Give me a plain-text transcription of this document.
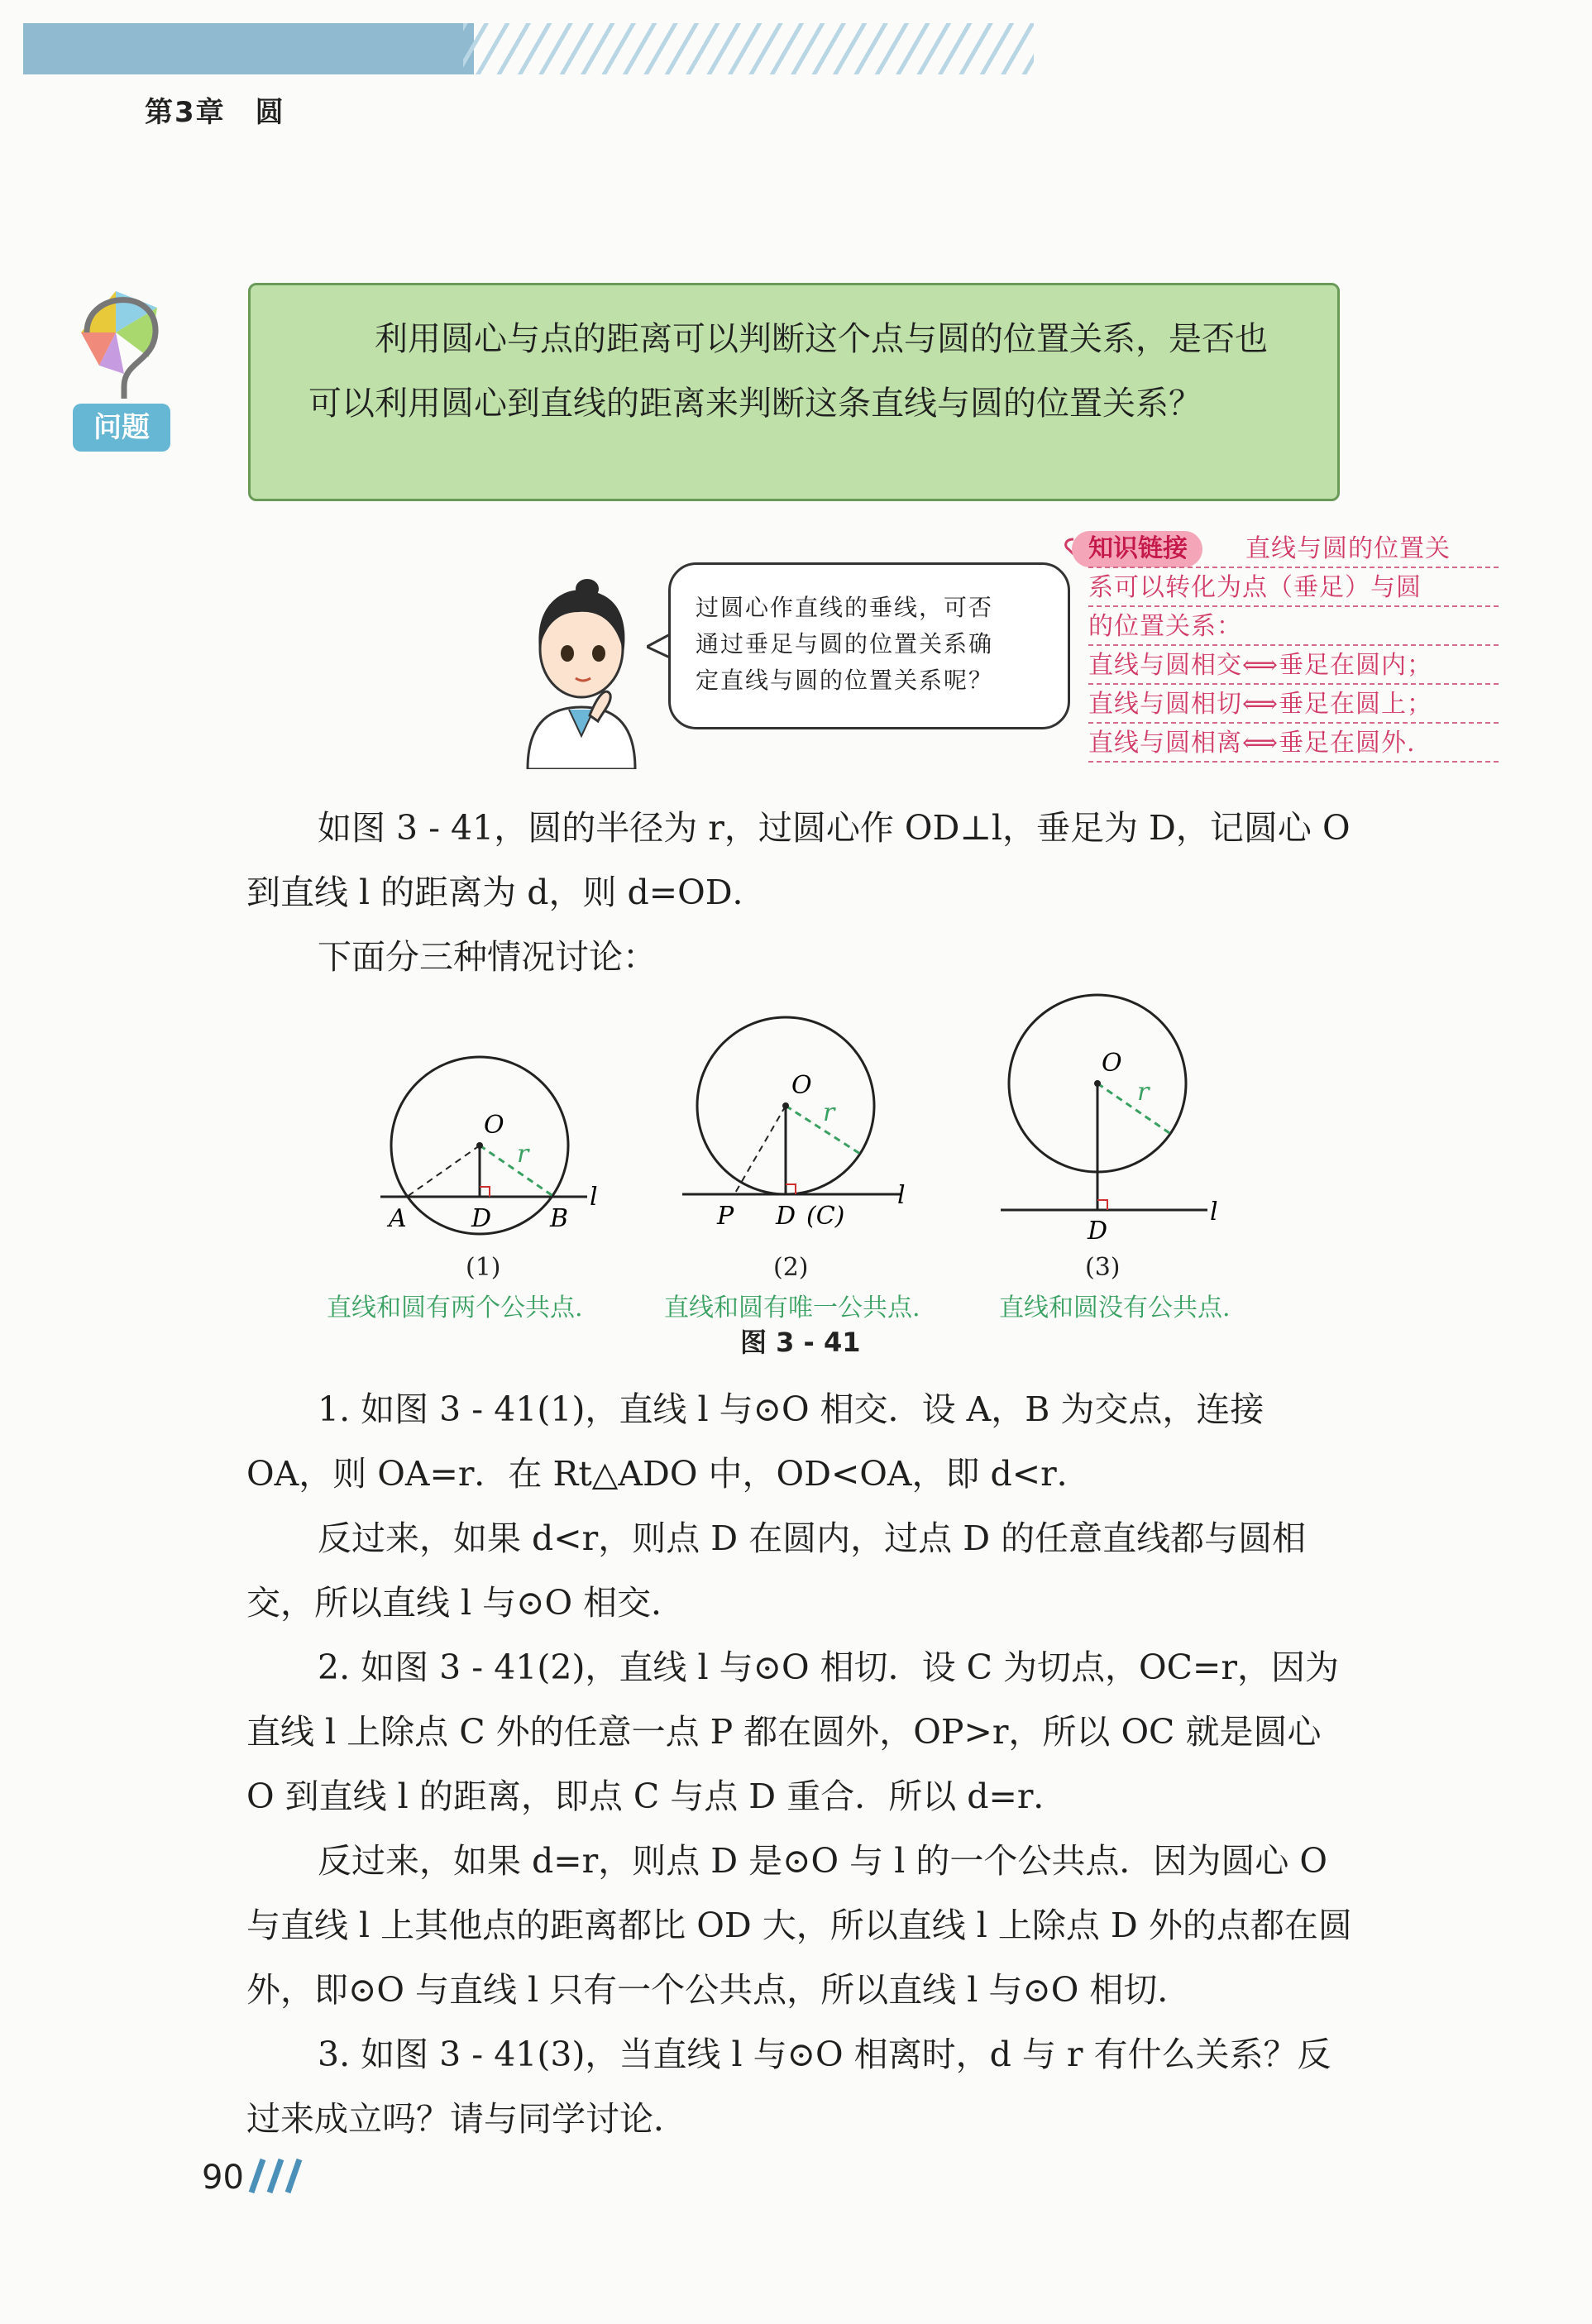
第3章　圆
问题

利用圆心与点的距离可以判断这个点与圆的位置关系，是否也可以利用圆心到直线的距离来判断这条直线与圆的位置关系？

过圆心作直线的垂线，可否
通过垂足与圆的位置关系确
定直线与圆的位置关系呢？
知识链接	直线与圆的位置关
系可以转化为点（垂足）与圆
的位置关系：
直线与圆相交⟺垂足在圆内；
直线与圆相切⟺垂足在圆上；
直线与圆相离⟺垂足在圆外.

如图 3 - 41，圆的半径为 r，过圆心作 OD⊥l，垂足为 D，记圆心 O 到直线 l 的距离为 d，则 d=OD．

下面分三种情况讨论：

O
r
A	D B
l
O
r
P D (C)
l
O
r
D
l
(1)	(2)	(3)
直线和圆有两个公共点.	直线和圆有唯一公共点.	直线和圆没有公共点.
图 3 - 41

1. 如图 3 - 41(1)，直线 l 与⊙O 相交．设 A，B 为交点，连接 OA，则 OA=r．在 Rt△ADO 中，OD<OA，即 d<r．

反过来，如果 d<r，则点 D 在圆内，过点 D 的任意直线都与圆相交，所以直线 l 与⊙O 相交．

2. 如图 3 - 41(2)，直线 l 与⊙O 相切．设 C 为切点，OC=r，因为直线 l 上除点 C 外的任意一点 P 都在圆外，OP>r，所以 OC 就是圆心 O 到直线 l 的距离，即点 C 与点 D 重合．所以 d=r．

反过来，如果 d=r，则点 D 是⊙O 与 l 的一个公共点．因为圆心 O 与直线 l 上其他点的距离都比 OD 大，所以直线 l 上除点 D 外的点都在圆外，即⊙O 与直线 l 只有一个公共点，所以直线 l 与⊙O 相切．

3. 如图 3 - 41(3)，当直线 l 与⊙O 相离时，d 与 r 有什么关系？反过来成立吗？请与同学讨论．

90
